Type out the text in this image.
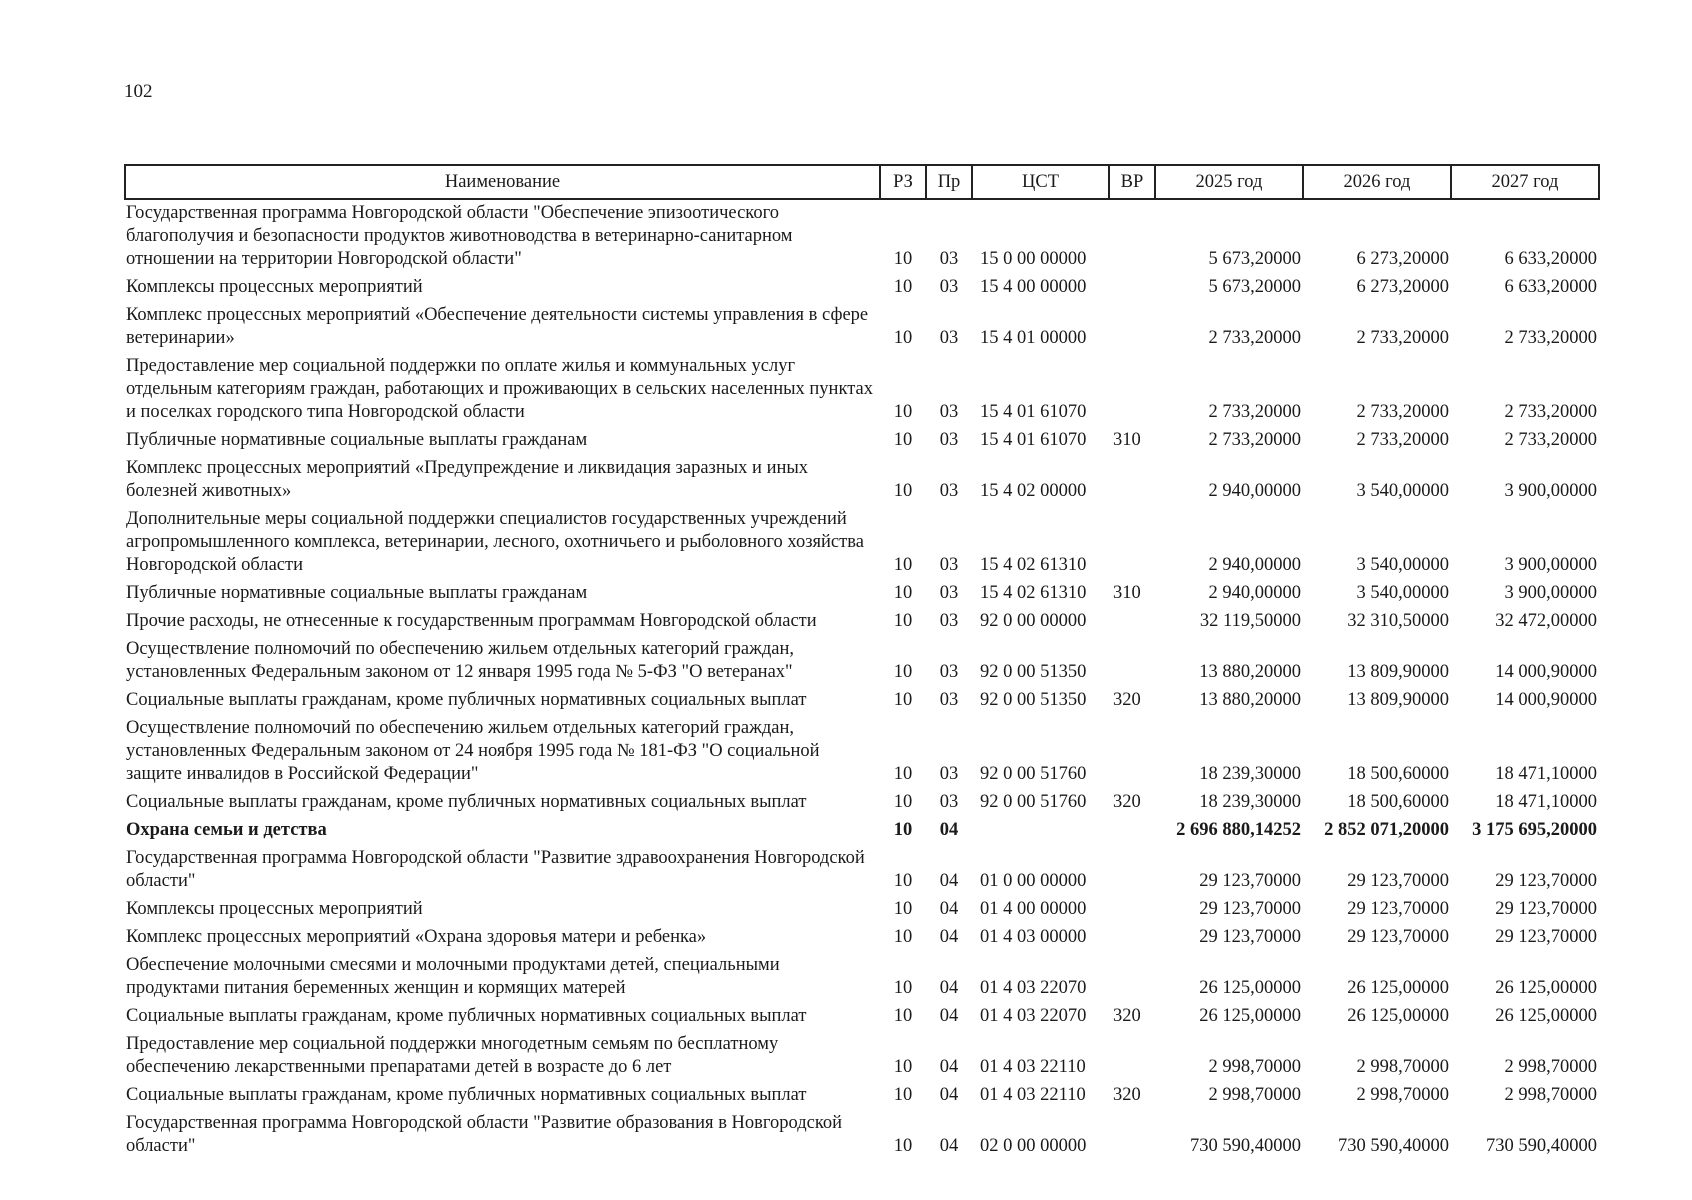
102
Наименование	РЗ	Пр	ЦСТ	ВР	2025 год	2026 год	2027 год
Государственная программа Новгородской области "Обеспечение эпизоотического благополучия и безопасности продуктов животноводства в ветеринарно-санитарном отношении на территории Новгородской области"	10	03	15 0 00 00000		5 673,20000	6 273,20000	6 633,20000
Комплексы процессных мероприятий	10	03	15 4 00 00000		5 673,20000	6 273,20000	6 633,20000
Комплекс процессных мероприятий «Обеспечение деятельности системы управления в сфере ветеринарии»	10	03	15 4 01 00000		2 733,20000	2 733,20000	2 733,20000
Предоставление мер социальной поддержки по оплате жилья и коммунальных услуг отдельным категориям граждан, работающих и проживающих в сельских населенных пунктах и поселках городского типа Новгородской области	10	03	15 4 01 61070		2 733,20000	2 733,20000	2 733,20000
Публичные нормативные социальные выплаты гражданам	10	03	15 4 01 61070	310	2 733,20000	2 733,20000	2 733,20000
Комплекс процессных мероприятий «Предупреждение и ликвидация заразных и иных болезней животных»	10	03	15 4 02 00000		2 940,00000	3 540,00000	3 900,00000
Дополнительные меры социальной поддержки специалистов государственных учреждений агропромышленного комплекса, ветеринарии, лесного, охотничьего и рыболовного хозяйства Новгородской области	10	03	15 4 02 61310		2 940,00000	3 540,00000	3 900,00000
Публичные нормативные социальные выплаты гражданам	10	03	15 4 02 61310	310	2 940,00000	3 540,00000	3 900,00000
Прочие расходы, не отнесенные к государственным программам Новгородской области	10	03	92 0 00 00000		32 119,50000	32 310,50000	32 472,00000
Осуществление полномочий по обеспечению жильем отдельных категорий граждан, установленных Федеральным законом от 12 января 1995 года № 5-ФЗ "О ветеранах"	10	03	92 0 00 51350		13 880,20000	13 809,90000	14 000,90000
Социальные выплаты гражданам, кроме публичных нормативных социальных выплат	10	03	92 0 00 51350	320	13 880,20000	13 809,90000	14 000,90000
Осуществление полномочий по обеспечению жильем отдельных категорий граждан, установленных Федеральным законом от 24 ноября 1995 года № 181-ФЗ "О социальной защите инвалидов в Российской Федерации"	10	03	92 0 00 51760		18 239,30000	18 500,60000	18 471,10000
Социальные выплаты гражданам, кроме публичных нормативных социальных выплат	10	03	92 0 00 51760	320	18 239,30000	18 500,60000	18 471,10000
Охрана семьи и детства	10	04			2 696 880,14252	2 852 071,20000	3 175 695,20000
Государственная программа Новгородской области "Развитие здравоохранения Новгородской области"	10	04	01 0 00 00000		29 123,70000	29 123,70000	29 123,70000
Комплексы процессных мероприятий	10	04	01 4 00 00000		29 123,70000	29 123,70000	29 123,70000
Комплекс процессных мероприятий «Охрана здоровья матери и ребенка»	10	04	01 4 03 00000		29 123,70000	29 123,70000	29 123,70000
Обеспечение молочными смесями и молочными продуктами детей, специальными продуктами питания беременных женщин и кормящих матерей	10	04	01 4 03 22070		26 125,00000	26 125,00000	26 125,00000
Социальные выплаты гражданам, кроме публичных нормативных социальных выплат	10	04	01 4 03 22070	320	26 125,00000	26 125,00000	26 125,00000
Предоставление мер социальной поддержки многодетным семьям по бесплатному обеспечению лекарственными препаратами детей в возрасте до 6 лет	10	04	01 4 03 22110		2 998,70000	2 998,70000	2 998,70000
Социальные выплаты гражданам, кроме публичных нормативных социальных выплат	10	04	01 4 03 22110	320	2 998,70000	2 998,70000	2 998,70000
Государственная программа Новгородской области "Развитие образования в Новгородской области"	10	04	02 0 00 00000		730 590,40000	730 590,40000	730 590,40000
